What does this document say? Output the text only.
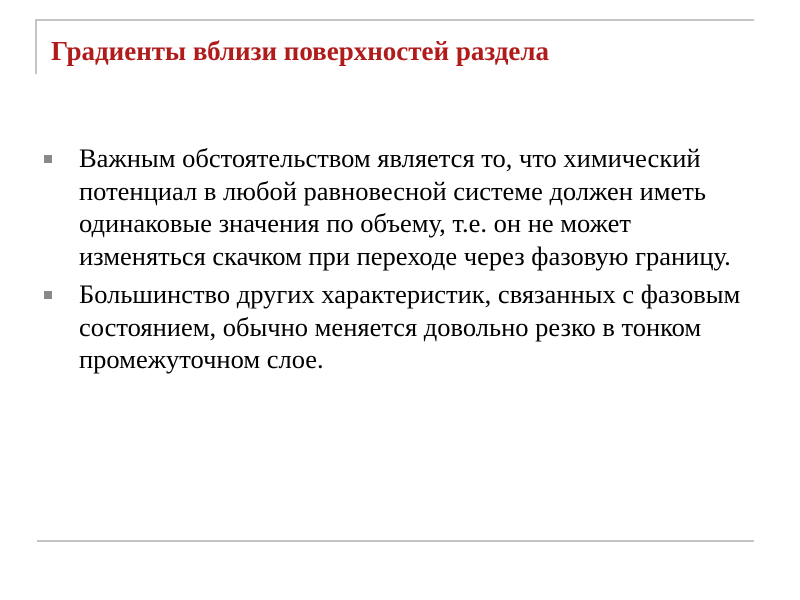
Градиенты вблизи поверхностей раздела
Важным обстоятельством является то, что химический потенциал в любой равновесной системе должен иметь одинаковые значения по объему, т.е. он не может изменяться скачком при переходе через фазовую границу.
Большинство других характеристик, связанных с фазовым состоянием, обычно меняется довольно резко в тонком промежуточном слое.
